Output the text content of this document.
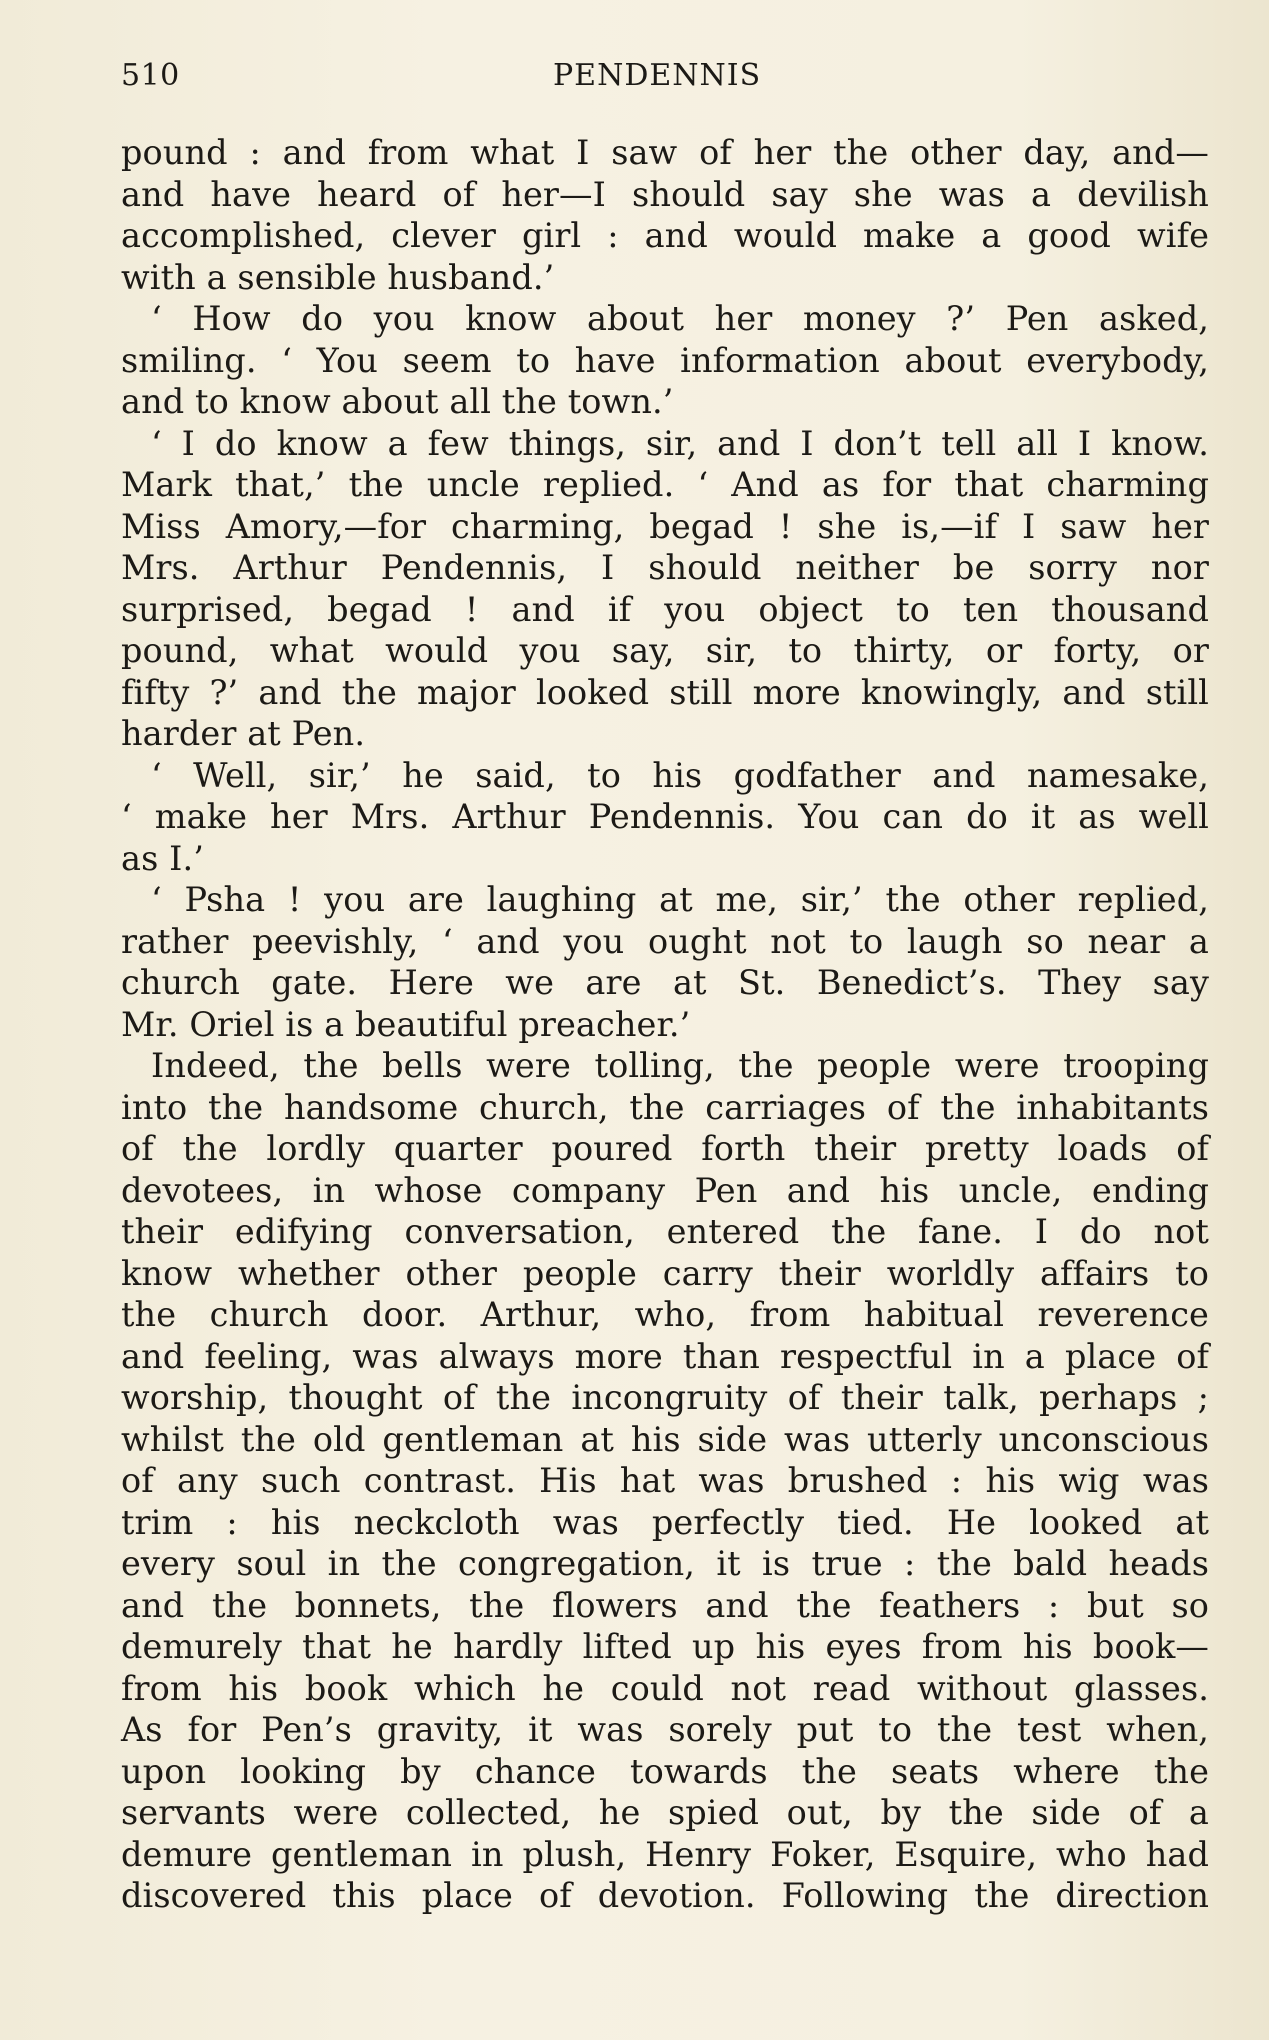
510	PENDENNIS
pound : and from what I saw of her the other day, and—
and have heard of her—I should say she was a devilish
accomplished, clever girl : and would make a good wife
with a sensible husband.’
‘ How do you know about her money ?’ Pen asked,
smiling. ‘ You seem to have information about everybody,
and to know about all the town.’
‘ I do know a few things, sir, and I don’t tell all I know.
Mark that,’ the uncle replied. ‘ And as for that charming
Miss Amory,—for charming, begad ! she is,—if I saw her
Mrs. Arthur Pendennis, I should neither be sorry nor
surprised, begad ! and if you object to ten thousand
pound, what would you say, sir, to thirty, or forty, or
fifty ?’ and the major looked still more knowingly, and still
harder at Pen.
‘ Well, sir,’ he said, to his godfather and namesake,
‘ make her Mrs. Arthur Pendennis. You can do it as well
as I.’
‘ Psha ! you are laughing at me, sir,’ the other replied,
rather peevishly, ‘ and you ought not to laugh so near a
church gate. Here we are at St. Benedict’s. They say
Mr. Oriel is a beautiful preacher.’
Indeed, the bells were tolling, the people were trooping
into the handsome church, the carriages of the inhabitants
of the lordly quarter poured forth their pretty loads of
devotees, in whose company Pen and his uncle, ending
their edifying conversation, entered the fane. I do not
know whether other people carry their worldly affairs to
the church door. Arthur, who, from habitual reverence
and feeling, was always more than respectful in a place of
worship, thought of the incongruity of their talk, perhaps ;
whilst the old gentleman at his side was utterly unconscious
of any such contrast. His hat was brushed : his wig was
trim : his neckcloth was perfectly tied. He looked at
every soul in the congregation, it is true : the bald heads
and the bonnets, the flowers and the feathers : but so
demurely that he hardly lifted up his eyes from his book—
from his book which he could not read without glasses.
As for Pen’s gravity, it was sorely put to the test when,
upon looking by chance towards the seats where the
servants were collected, he spied out, by the side of a
demure gentleman in plush, Henry Foker, Esquire, who had
discovered this place of devotion. Following the direction
